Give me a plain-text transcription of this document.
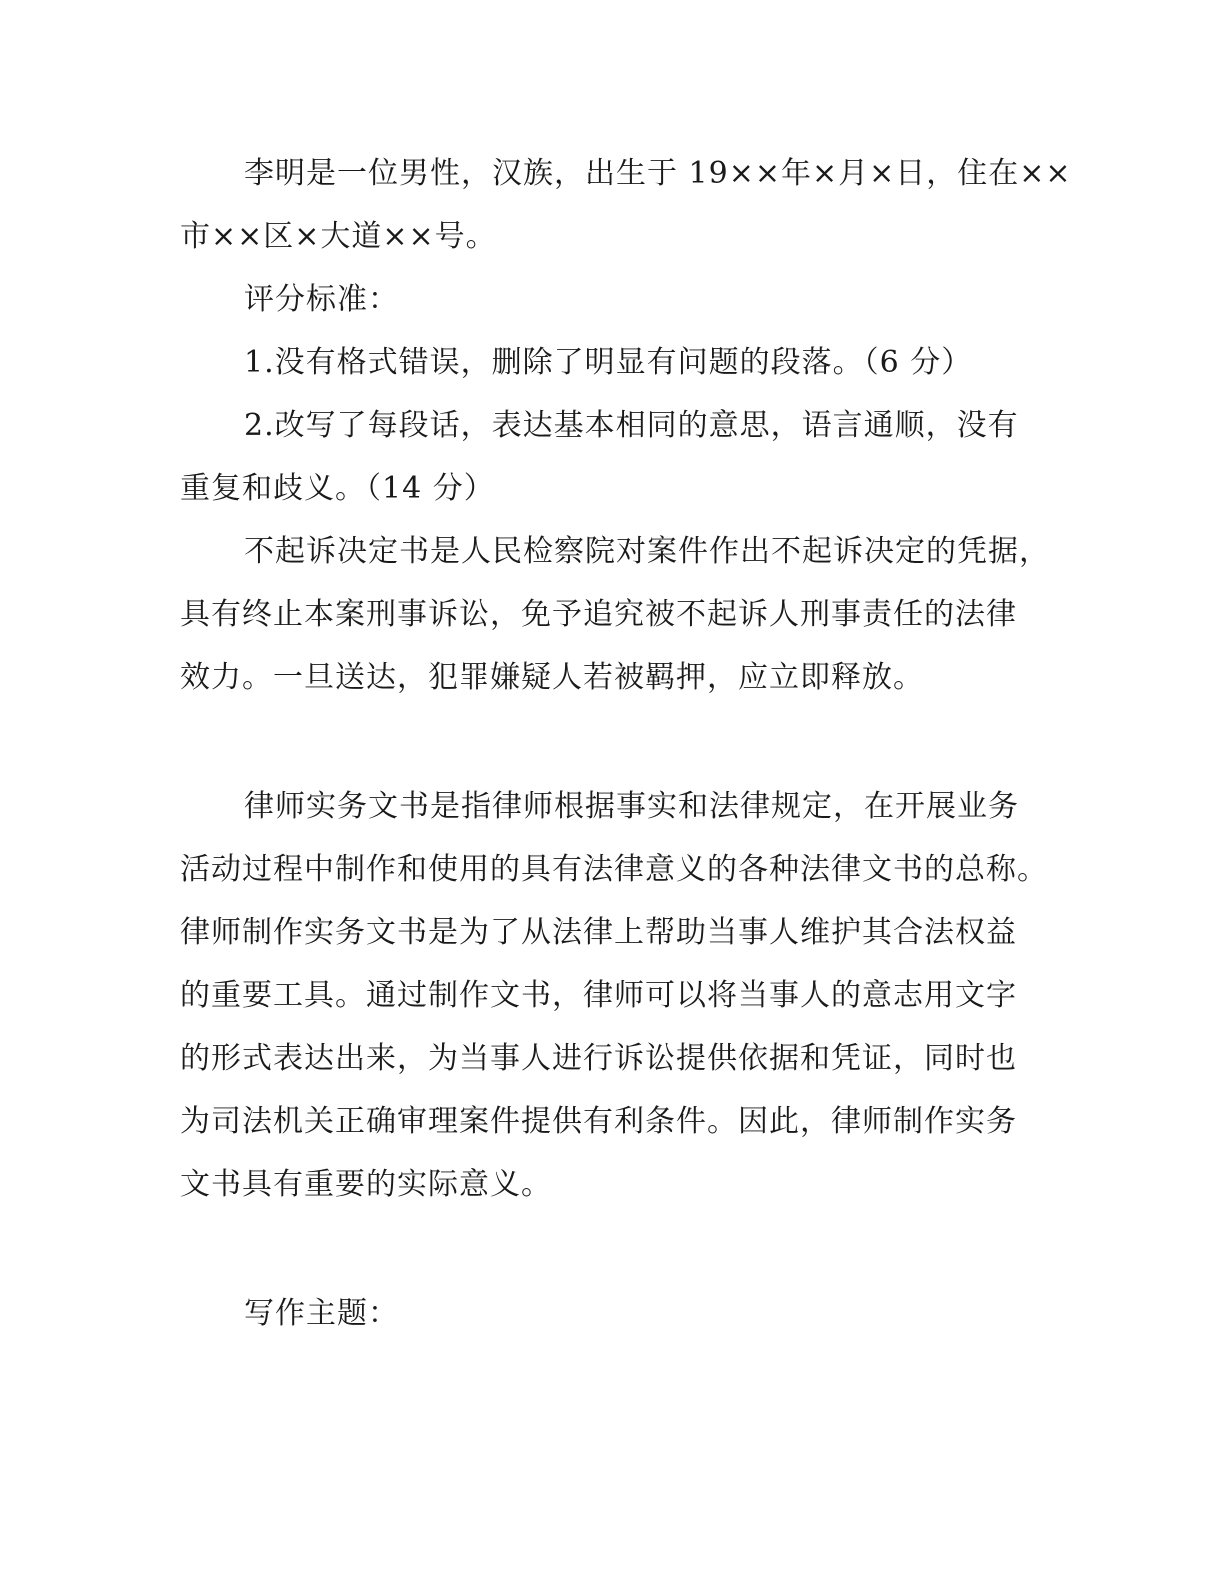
李明是一位男性，汉族，出生于 19××年×月×日，住在××
市××区×大道××号。

评分标准：

1.没有格式错误，删除了明显有问题的段落。（6 分）

2.改写了每段话，表达基本相同的意思，语言通顺，没有
重复和歧义。（14 分）

不起诉决定书是人民检察院对案件作出不起诉决定的凭据，
具有终止本案刑事诉讼，免予追究被不起诉人刑事责任的法律
效力。一旦送达，犯罪嫌疑人若被羁押，应立即释放。

律师实务文书是指律师根据事实和法律规定，在开展业务
活动过程中制作和使用的具有法律意义的各种法律文书的总称。
律师制作实务文书是为了从法律上帮助当事人维护其合法权益
的重要工具。通过制作文书，律师可以将当事人的意志用文字
的形式表达出来，为当事人进行诉讼提供依据和凭证，同时也
为司法机关正确审理案件提供有利条件。因此，律师制作实务
文书具有重要的实际意义。

写作主题：
